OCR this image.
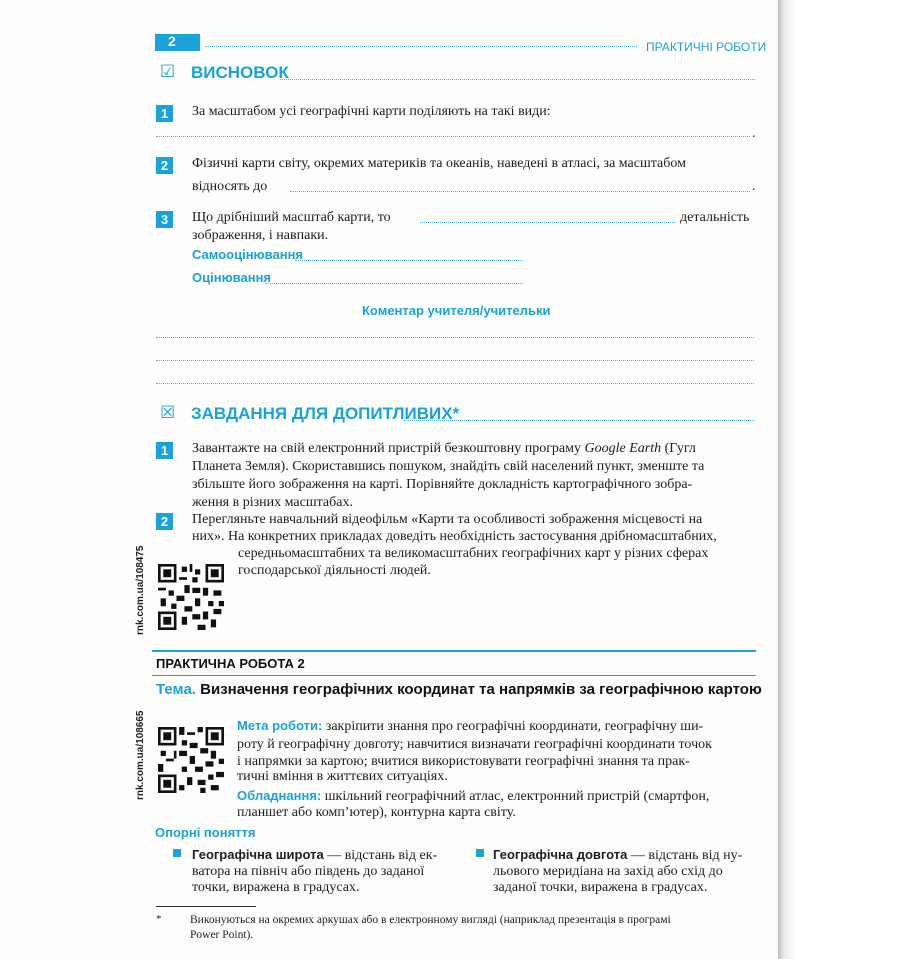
2	ПРАКТИЧНІ РОБОТИ
☑ ВИСНОВОК
1	За масштабом усі географічні карти поділяють на такі види:
.
2	Фізичні карти світу, окремих материків та океанів, наведені в атласі, за масштабом
відносять до	.
3	Що дрібніший масштаб карти, то	детальність
зображення, і навпаки.
Самооцінювання
Оцінювання
Коментар учителя/учительки
☒ ЗАВДАННЯ ДЛЯ ДОПИТЛИВИХ*
1	Завантажте на свій електронний пристрій безкоштовну програму Google Earth (Гугл
Планета Земля). Скориставшись пошуком, знайдіть свій населений пункт, зменште та
збільште його зображення на карті. Порівняйте докладність картографічного зобра-
ження в різних масштабах.
2	Перегляньте навчальний відеофільм «Карти та особливості зображення місцевості на
них». На конкретних прикладах доведіть необхідність застосування дрібномасштабних,
середньомасштабних та великомасштабних географічних карт у різних сферах
господарської діяльності людей.
rnk.com.ua/108475
ПРАКТИЧНА РОБОТА 2
Тема. Визначення географічних координат та напрямків за географічною картою
rnk.com.ua/108665	Мета роботи: закріпити знання про географічні координати, географічну ши-
роту й географічну довготу; навчитися визначати географічні координати точок
і напрямки за картою; вчитися використовувати географічні знання та прак-
тичні вміння в життєвих ситуаціях.
Обладнання: шкільний географічний атлас, електронний пристрій (смартфон,
планшет або комп’ютер), контурна карта світу.
Опорні поняття
Географічна широта — відстань від ек-
ватора на північ або південь до заданої
точки, виражена в градусах.
Географічна довгота — відстань від ну-
льового меридіана на захід або схід до
заданої точки, виражена в градусах.
* Виконуються на окремих аркушах або в електронному вигляді (наприклад презентація в програмі
Power Point).
